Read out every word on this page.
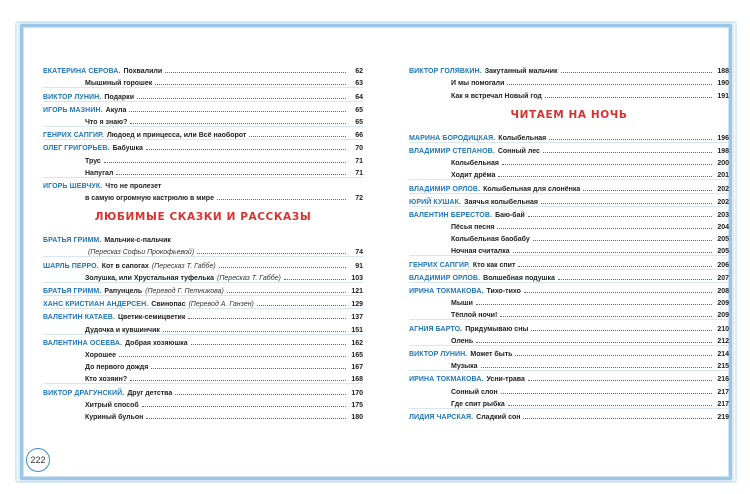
ЕКАТЕРИНА СЕРОВА. Похвалили	62
Мышиный горошек	63
ВИКТОР ЛУНИН. Подарки	64
ИГОРЬ МАЗНИН. Акула	65
Что я знаю?	65
ГЕНРИХ САПГИР. Людоед и принцесса, или Всё наоборот	66
ОЛЕГ ГРИГОРЬЕВ. Бабушка	70
Трус	71
Напугал	71
ИГОРЬ ШЕВЧУК. Что не пролезет
в самую огромную кастрюлю в мире	72
ЛЮБИМЫЕ СКАЗКИ И РАССКАЗЫ
БРАТЬЯ ГРИММ. Мальчик-с-пальчик
(Пересказ Софьи Прокофьевой)	74
ШАРЛЬ ПЕРРО. Кот в сапогах (Пересказ Т. Габбе)	91
Золушка, или Хрустальная туфелька (Пересказ Т. Габбе)	103
БРАТЬЯ ГРИММ. Рапунцель (Перевод Г. Петникова)	121
ХАНС КРИСТИАН АНДЕРСЕН. Свинопас (Перевод А. Ганзен)	129
ВАЛЕНТИН КАТАЕВ. Цветик-семицветик	137
Дудочка и кувшинчик	151
ВАЛЕНТИНА ОСЕЕВА. Добрая хозяюшка	162
Хорошее	165
До первого дождя	167
Кто хозяин?	168
ВИКТОР ДРАГУНСКИЙ. Друг детства	170
Хитрый способ	175
Куриный бульон	180
ВИКТОР ГОЛЯВКИН. Закутанный мальчик	188
И мы помогали	190
Как я встречал Новый год	191
ЧИТАЕМ НА НОЧЬ
МАРИНА БОРОДИЦКАЯ. Колыбельная	196
ВЛАДИМИР СТЕПАНОВ. Сонный лес	198
Колыбельная	200
Ходит дрёма	201
ВЛАДИМИР ОРЛОВ. Колыбельная для слонёнка	202
ЮРИЙ КУШАК. Заячья колыбельная	202
ВАЛЕНТИН БЕРЕСТОВ. Баю-бай	203
Пёсья песня	204
Колыбельная баобабу	205
Ночная считалка	205
ГЕНРИХ САПГИР. Кто как спит	206
ВЛАДИМИР ОРЛОВ. Волшебная подушка	207
ИРИНА ТОКМАКОВА. Тихо-тихо	208
Мыши	209
Тёплой ночи!	209
АГНИЯ БАРТО. Придумываю сны	210
Олень	212
ВИКТОР ЛУНИН. Может быть	214
Музыка	215
ИРИНА ТОКМАКОВА. Усни-трава	216
Сонный слон	217
Где спит рыбка	217
ЛИДИЯ ЧАРСКАЯ. Сладкий сон	219
222
